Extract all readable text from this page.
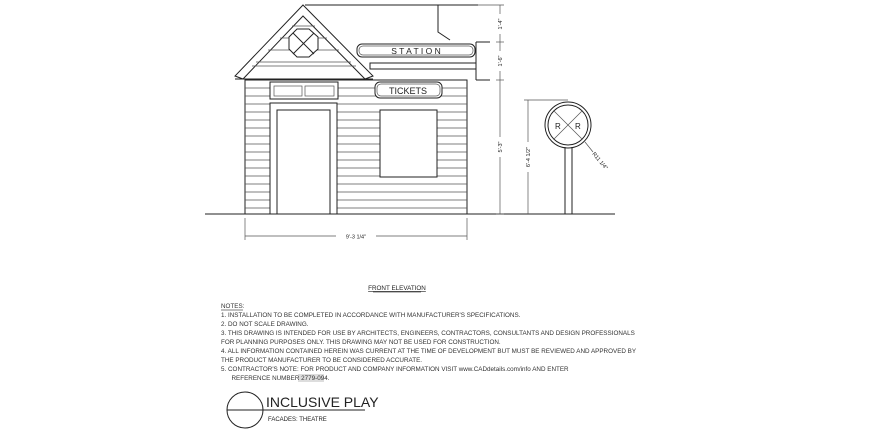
S T A T I O N
TICKETS
R R
9'-3 1/4"
1'-4"
1'-6"
5'-3"	6'-4 1/2"	R11 1/4"
FRONT ELEVATION
NOTES:
1. INSTALLATION TO BE COMPLETED IN ACCORDANCE WITH MANUFACTURER'S SPECIFICATIONS.
2. DO NOT SCALE DRAWING.
3. THIS DRAWING IS INTENDED FOR USE BY ARCHITECTS, ENGINEERS, CONTRACTORS, CONSULTANTS AND DESIGN PROFESSIONALS
FOR PLANNING PURPOSES ONLY. THIS DRAWING MAY NOT BE USED FOR CONSTRUCTION.
4. ALL INFORMATION CONTAINED HEREIN WAS CURRENT AT THE TIME OF DEVELOPMENT BUT MUST BE REVIEWED AND APPROVED BY
THE PRODUCT MANUFACTURER TO BE CONSIDERED ACCURATE.
5. CONTRACTOR'S NOTE: FOR PRODUCT AND COMPANY INFORMATION VISIT www.CADdetails.com/info AND ENTER
REFERENCE NUMBER 2779-094.
INCLUSIVE PLAY
FACADES: THEATRE
